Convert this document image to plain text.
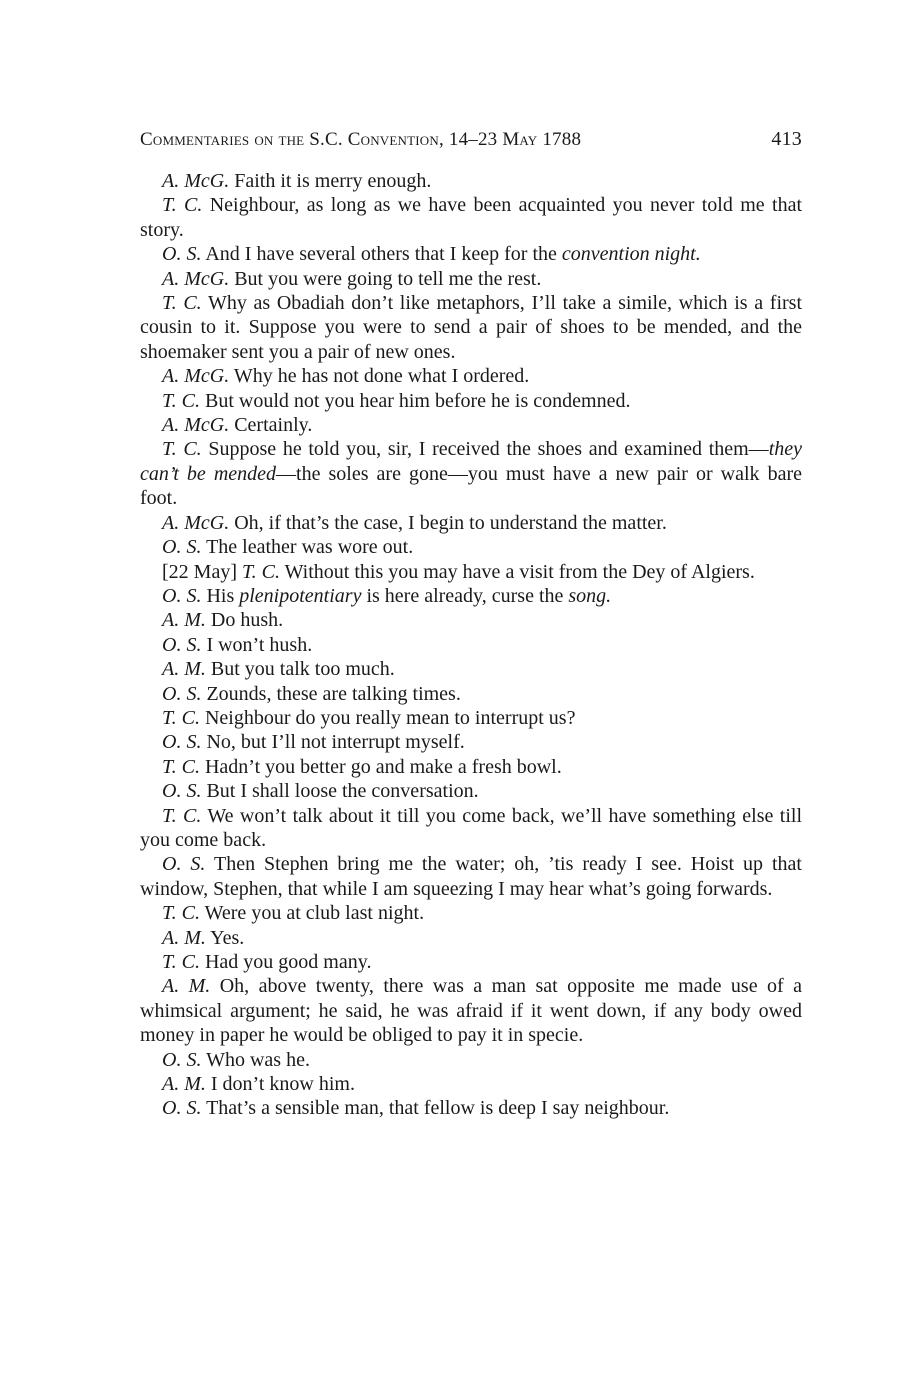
Commentaries on the S.C. Convention, 14–23 May 1788	413

A. McG. Faith it is merry enough.

T. C. Neighbour, as long as we have been acquainted you never told me that story.

O. S. And I have several others that I keep for the convention night.

A. McG. But you were going to tell me the rest.

T. C. Why as Obadiah don’t like metaphors, I’ll take a simile, which is a first cousin to it. Suppose you were to send a pair of shoes to be mended, and the shoemaker sent you a pair of new ones.

A. McG. Why he has not done what I ordered.

T. C. But would not you hear him before he is condemned.

A. McG. Certainly.

T. C. Suppose he told you, sir, I received the shoes and examined them—they can’t be mended—the soles are gone—you must have a new pair or walk bare foot.

A. McG. Oh, if that’s the case, I begin to understand the matter.

O. S. The leather was wore out.

[22 May] T. C. Without this you may have a visit from the Dey of Algiers.

O. S. His plenipotentiary is here already, curse the song.

A. M. Do hush.

O. S. I won’t hush.

A. M. But you talk too much.

O. S. Zounds, these are talking times.

T. C. Neighbour do you really mean to interrupt us?

O. S. No, but I’ll not interrupt myself.

T. C. Hadn’t you better go and make a fresh bowl.

O. S. But I shall loose the conversation.

T. C. We won’t talk about it till you come back, we’ll have something else till you come back.

O. S. Then Stephen bring me the water; oh, ’tis ready I see. Hoist up that window, Stephen, that while I am squeezing I may hear what’s going forwards.

T. C. Were you at club last night.

A. M. Yes.

T. C. Had you good many.

A. M. Oh, above twenty, there was a man sat opposite me made use of a whimsical argument; he said, he was afraid if it went down, if any body owed money in paper he would be obliged to pay it in specie.

O. S. Who was he.

A. M. I don’t know him.

O. S. That’s a sensible man, that fellow is deep I say neighbour.
